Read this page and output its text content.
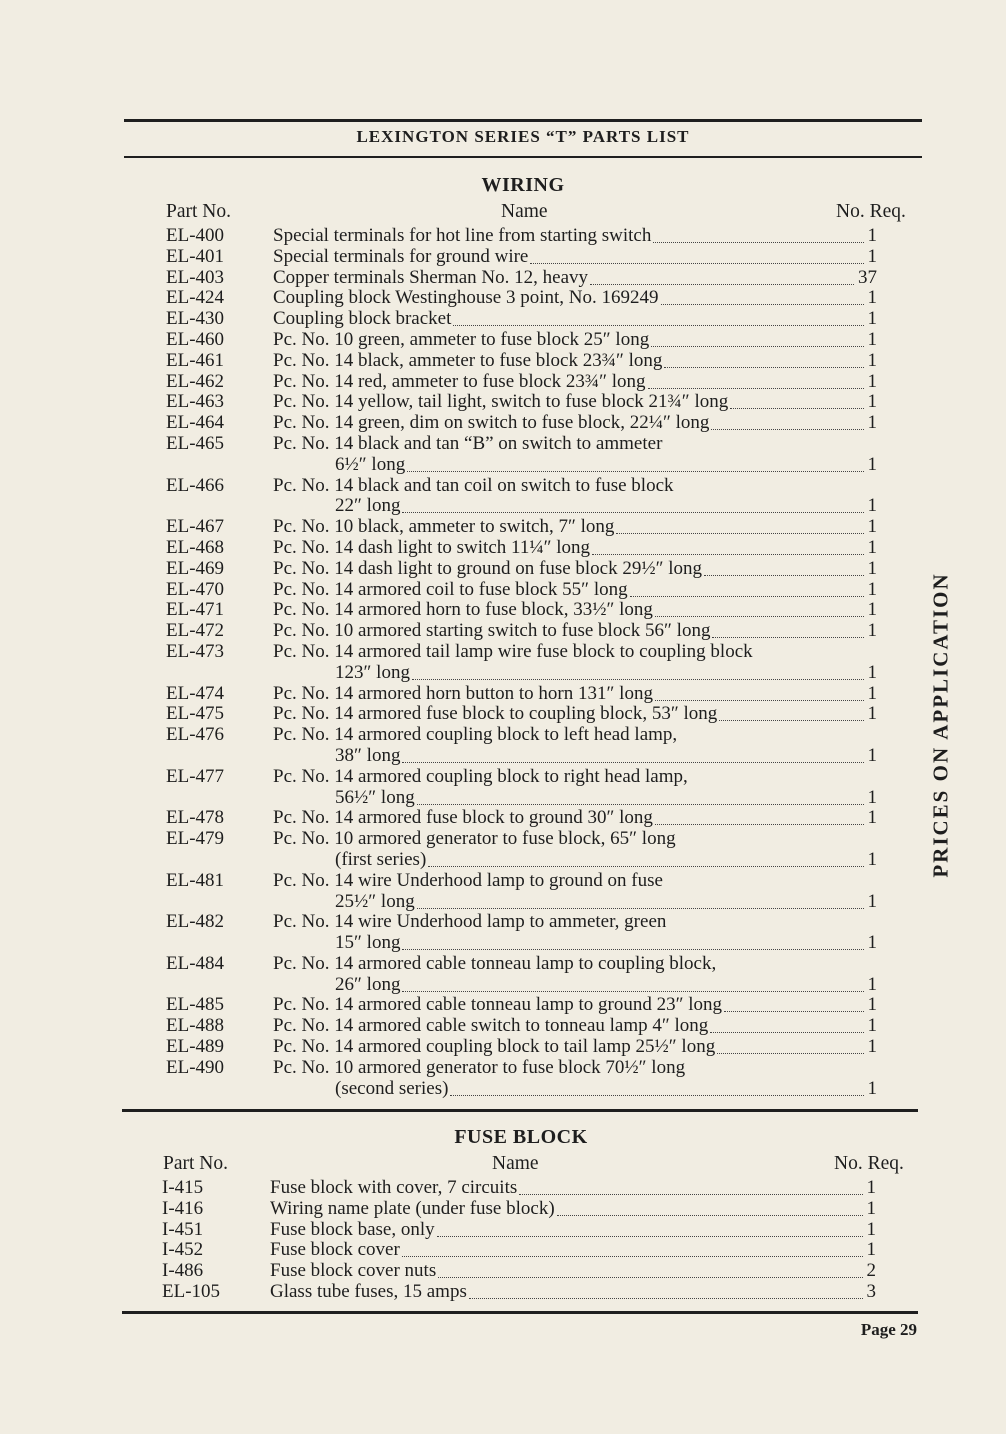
LEXINGTON SERIES “T” PARTS LIST
WIRING
Part No.	Name	No. Req.
EL-400	Special terminals for hot line from starting switch	1
EL-401	Special terminals for ground wire	1
EL-403	Copper terminals Sherman No. 12, heavy	37
EL-424	Coupling block Westinghouse 3 point, No. 169249	1
EL-430	Coupling block bracket	1
EL-460	Pc. No. 10 green, ammeter to fuse block 25″ long	1
EL-461	Pc. No. 14 black, ammeter to fuse block 23¾″ long	1
EL-462	Pc. No. 14 red, ammeter to fuse block 23¾″ long	1
EL-463	Pc. No. 14 yellow, tail light, switch to fuse block 21¾″ long	1
EL-464	Pc. No. 14 green, dim on switch to fuse block, 22¼″ long	1
EL-465	Pc. No. 14 black and tan “B” on switch to ammeter
6½″ long	1
EL-466	Pc. No. 14 black and tan coil on switch to fuse block
22″ long	1
EL-467	Pc. No. 10 black, ammeter to switch, 7″ long	1
EL-468	Pc. No. 14 dash light to switch 11¼″ long	1
EL-469	Pc. No. 14 dash light to ground on fuse block 29½″ long	1
EL-470	Pc. No. 14 armored coil to fuse block 55″ long	1
EL-471	Pc. No. 14 armored horn to fuse block, 33½″ long	1
EL-472	Pc. No. 10 armored starting switch to fuse block 56″ long	1
EL-473	Pc. No. 14 armored tail lamp wire fuse block to coupling block
123″ long	1
EL-474	Pc. No. 14 armored horn button to horn 131″ long	1
EL-475	Pc. No. 14 armored fuse block to coupling block, 53″ long	1
EL-476	Pc. No. 14 armored coupling block to left head lamp,
38″ long	1
EL-477	Pc. No. 14 armored coupling block to right head lamp,
56½″ long	1
EL-478	Pc. No. 14 armored fuse block to ground 30″ long	1
EL-479	Pc. No. 10 armored generator to fuse block, 65″ long
(first series)	1
EL-481	Pc. No. 14 wire Underhood lamp to ground on fuse
25½″ long	1
EL-482	Pc. No. 14 wire Underhood lamp to ammeter, green
15″ long	1
EL-484	Pc. No. 14 armored cable tonneau lamp to coupling block,
26″ long	1
EL-485	Pc. No. 14 armored cable tonneau lamp to ground 23″ long	1
EL-488	Pc. No. 14 armored cable switch to tonneau lamp 4″ long	1
EL-489	Pc. No. 14 armored coupling block to tail lamp 25½″ long	1
EL-490	Pc. No. 10 armored generator to fuse block 70½″ long
(second series)	1
FUSE BLOCK
Part No.	Name	No. Req.
I-415	Fuse block with cover, 7 circuits	1
I-416	Wiring name plate (under fuse block)	1
I-451	Fuse block base, only	1
I-452	Fuse block cover	1
I-486	Fuse block cover nuts	2
EL-105	Glass tube fuses, 15 amps	3
Page 29
PRICES ON APPLICATION
